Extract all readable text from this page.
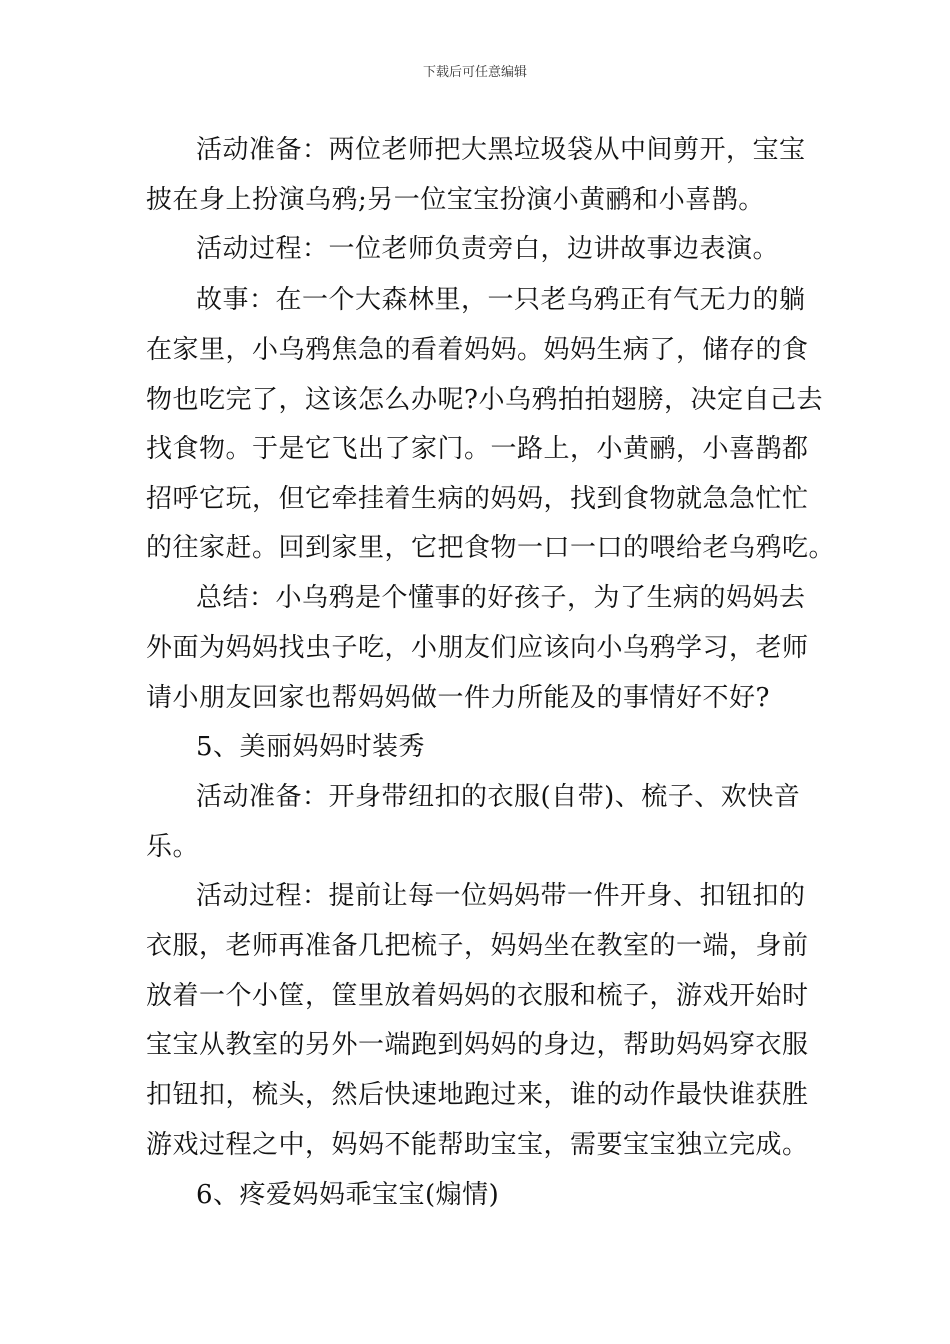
下载后可任意编辑
活动准备：两位老师把大黑垃圾袋从中间剪开，宝宝
披在身上扮演乌鸦;另一位宝宝扮演小黄鹂和小喜鹊。
活动过程：一位老师负责旁白，边讲故事边表演。
故事：在一个大森林里，一只老乌鸦正有气无力的躺
在家里，小乌鸦焦急的看着妈妈。妈妈生病了，储存的食
物也吃完了，这该怎么办呢?小乌鸦拍拍翅膀，决定自己去
找食物。于是它飞出了家门。一路上，小黄鹂，小喜鹊都
招呼它玩，但它牵挂着生病的妈妈，找到食物就急急忙忙
的往家赶。回到家里，它把食物一口一口的喂给老乌鸦吃。
总结：小乌鸦是个懂事的好孩子，为了生病的妈妈去
外面为妈妈找虫子吃，小朋友们应该向小乌鸦学习，老师
请小朋友回家也帮妈妈做一件力所能及的事情好不好?
5、美丽妈妈时装秀
活动准备：开身带纽扣的衣服(自带)、梳子、欢快音
乐。
活动过程：提前让每一位妈妈带一件开身、扣钮扣的
衣服，老师再准备几把梳子，妈妈坐在教室的一端，身前
放着一个小筐，筐里放着妈妈的衣服和梳子，游戏开始时
宝宝从教室的另外一端跑到妈妈的身边，帮助妈妈穿衣服
扣钮扣，梳头，然后快速地跑过来，谁的动作最快谁获胜
游戏过程之中，妈妈不能帮助宝宝，需要宝宝独立完成。
6、疼爱妈妈乖宝宝(煽情)
